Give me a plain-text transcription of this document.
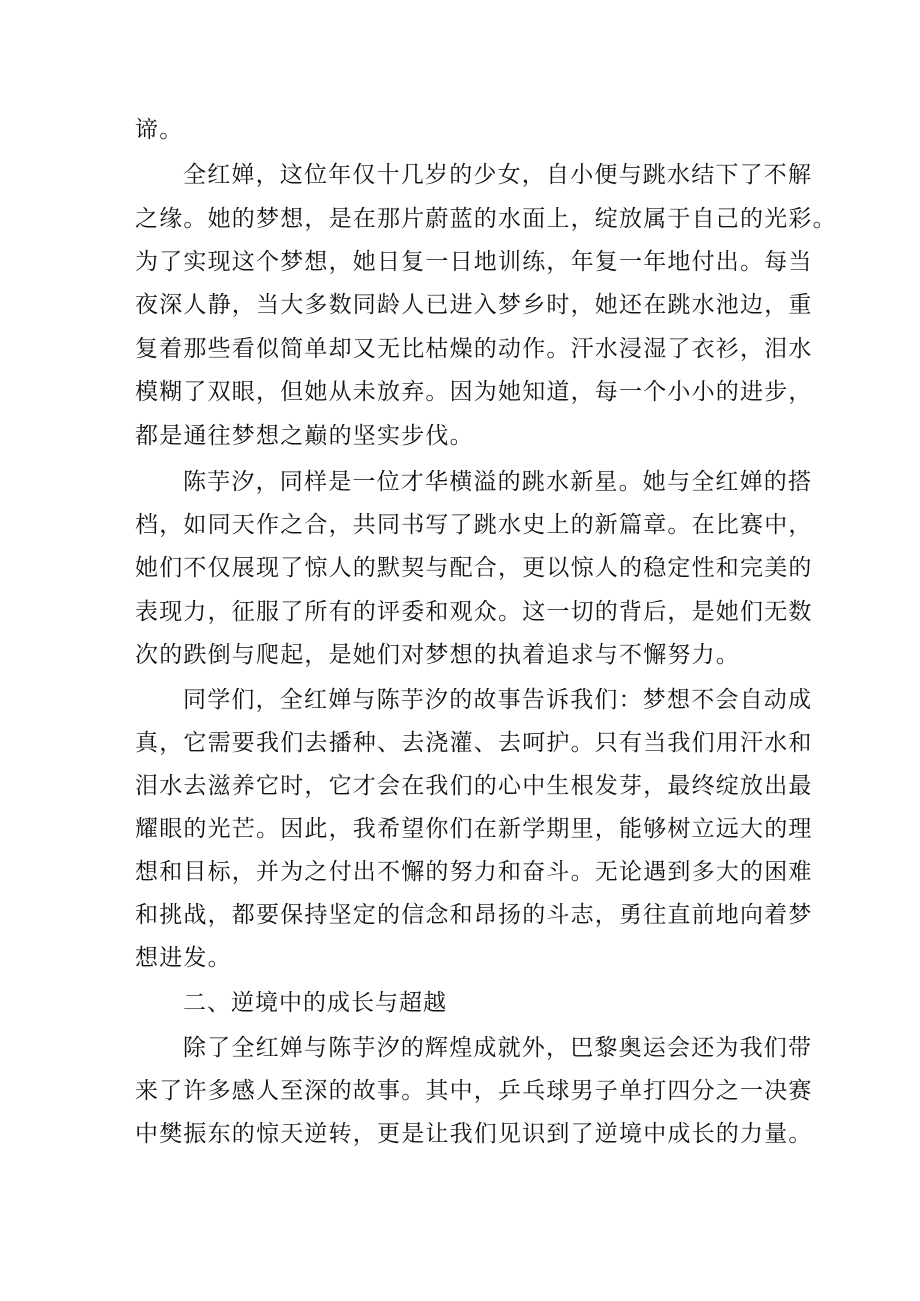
谛。
全红婵，这位年仅十几岁的少女，自小便与跳水结下了不解
之缘。她的梦想，是在那片蔚蓝的水面上，绽放属于自己的光彩。
为了实现这个梦想，她日复一日地训练，年复一年地付出。每当
夜深人静，当大多数同龄人已进入梦乡时，她还在跳水池边，重
复着那些看似简单却又无比枯燥的动作。汗水浸湿了衣衫，泪水
模糊了双眼，但她从未放弃。因为她知道，每一个小小的进步，
都是通往梦想之巅的坚实步伐。
陈芋汐，同样是一位才华横溢的跳水新星。她与全红婵的搭
档，如同天作之合，共同书写了跳水史上的新篇章。在比赛中，
她们不仅展现了惊人的默契与配合，更以惊人的稳定性和完美的
表现力，征服了所有的评委和观众。这一切的背后，是她们无数
次的跌倒与爬起，是她们对梦想的执着追求与不懈努力。
同学们，全红婵与陈芋汐的故事告诉我们：梦想不会自动成
真，它需要我们去播种、去浇灌、去呵护。只有当我们用汗水和
泪水去滋养它时，它才会在我们的心中生根发芽，最终绽放出最
耀眼的光芒。因此，我希望你们在新学期里，能够树立远大的理
想和目标，并为之付出不懈的努力和奋斗。无论遇到多大的困难
和挑战，都要保持坚定的信念和昂扬的斗志，勇往直前地向着梦
想进发。
除了全红婵与陈芋汐的辉煌成就外，巴黎奥运会还为我们带
来了许多感人至深的故事。其中，乒乓球男子单打四分之一决赛
中樊振东的惊天逆转，更是让我们见识到了逆境中成长的力量。
二、逆境中的成长与超越
